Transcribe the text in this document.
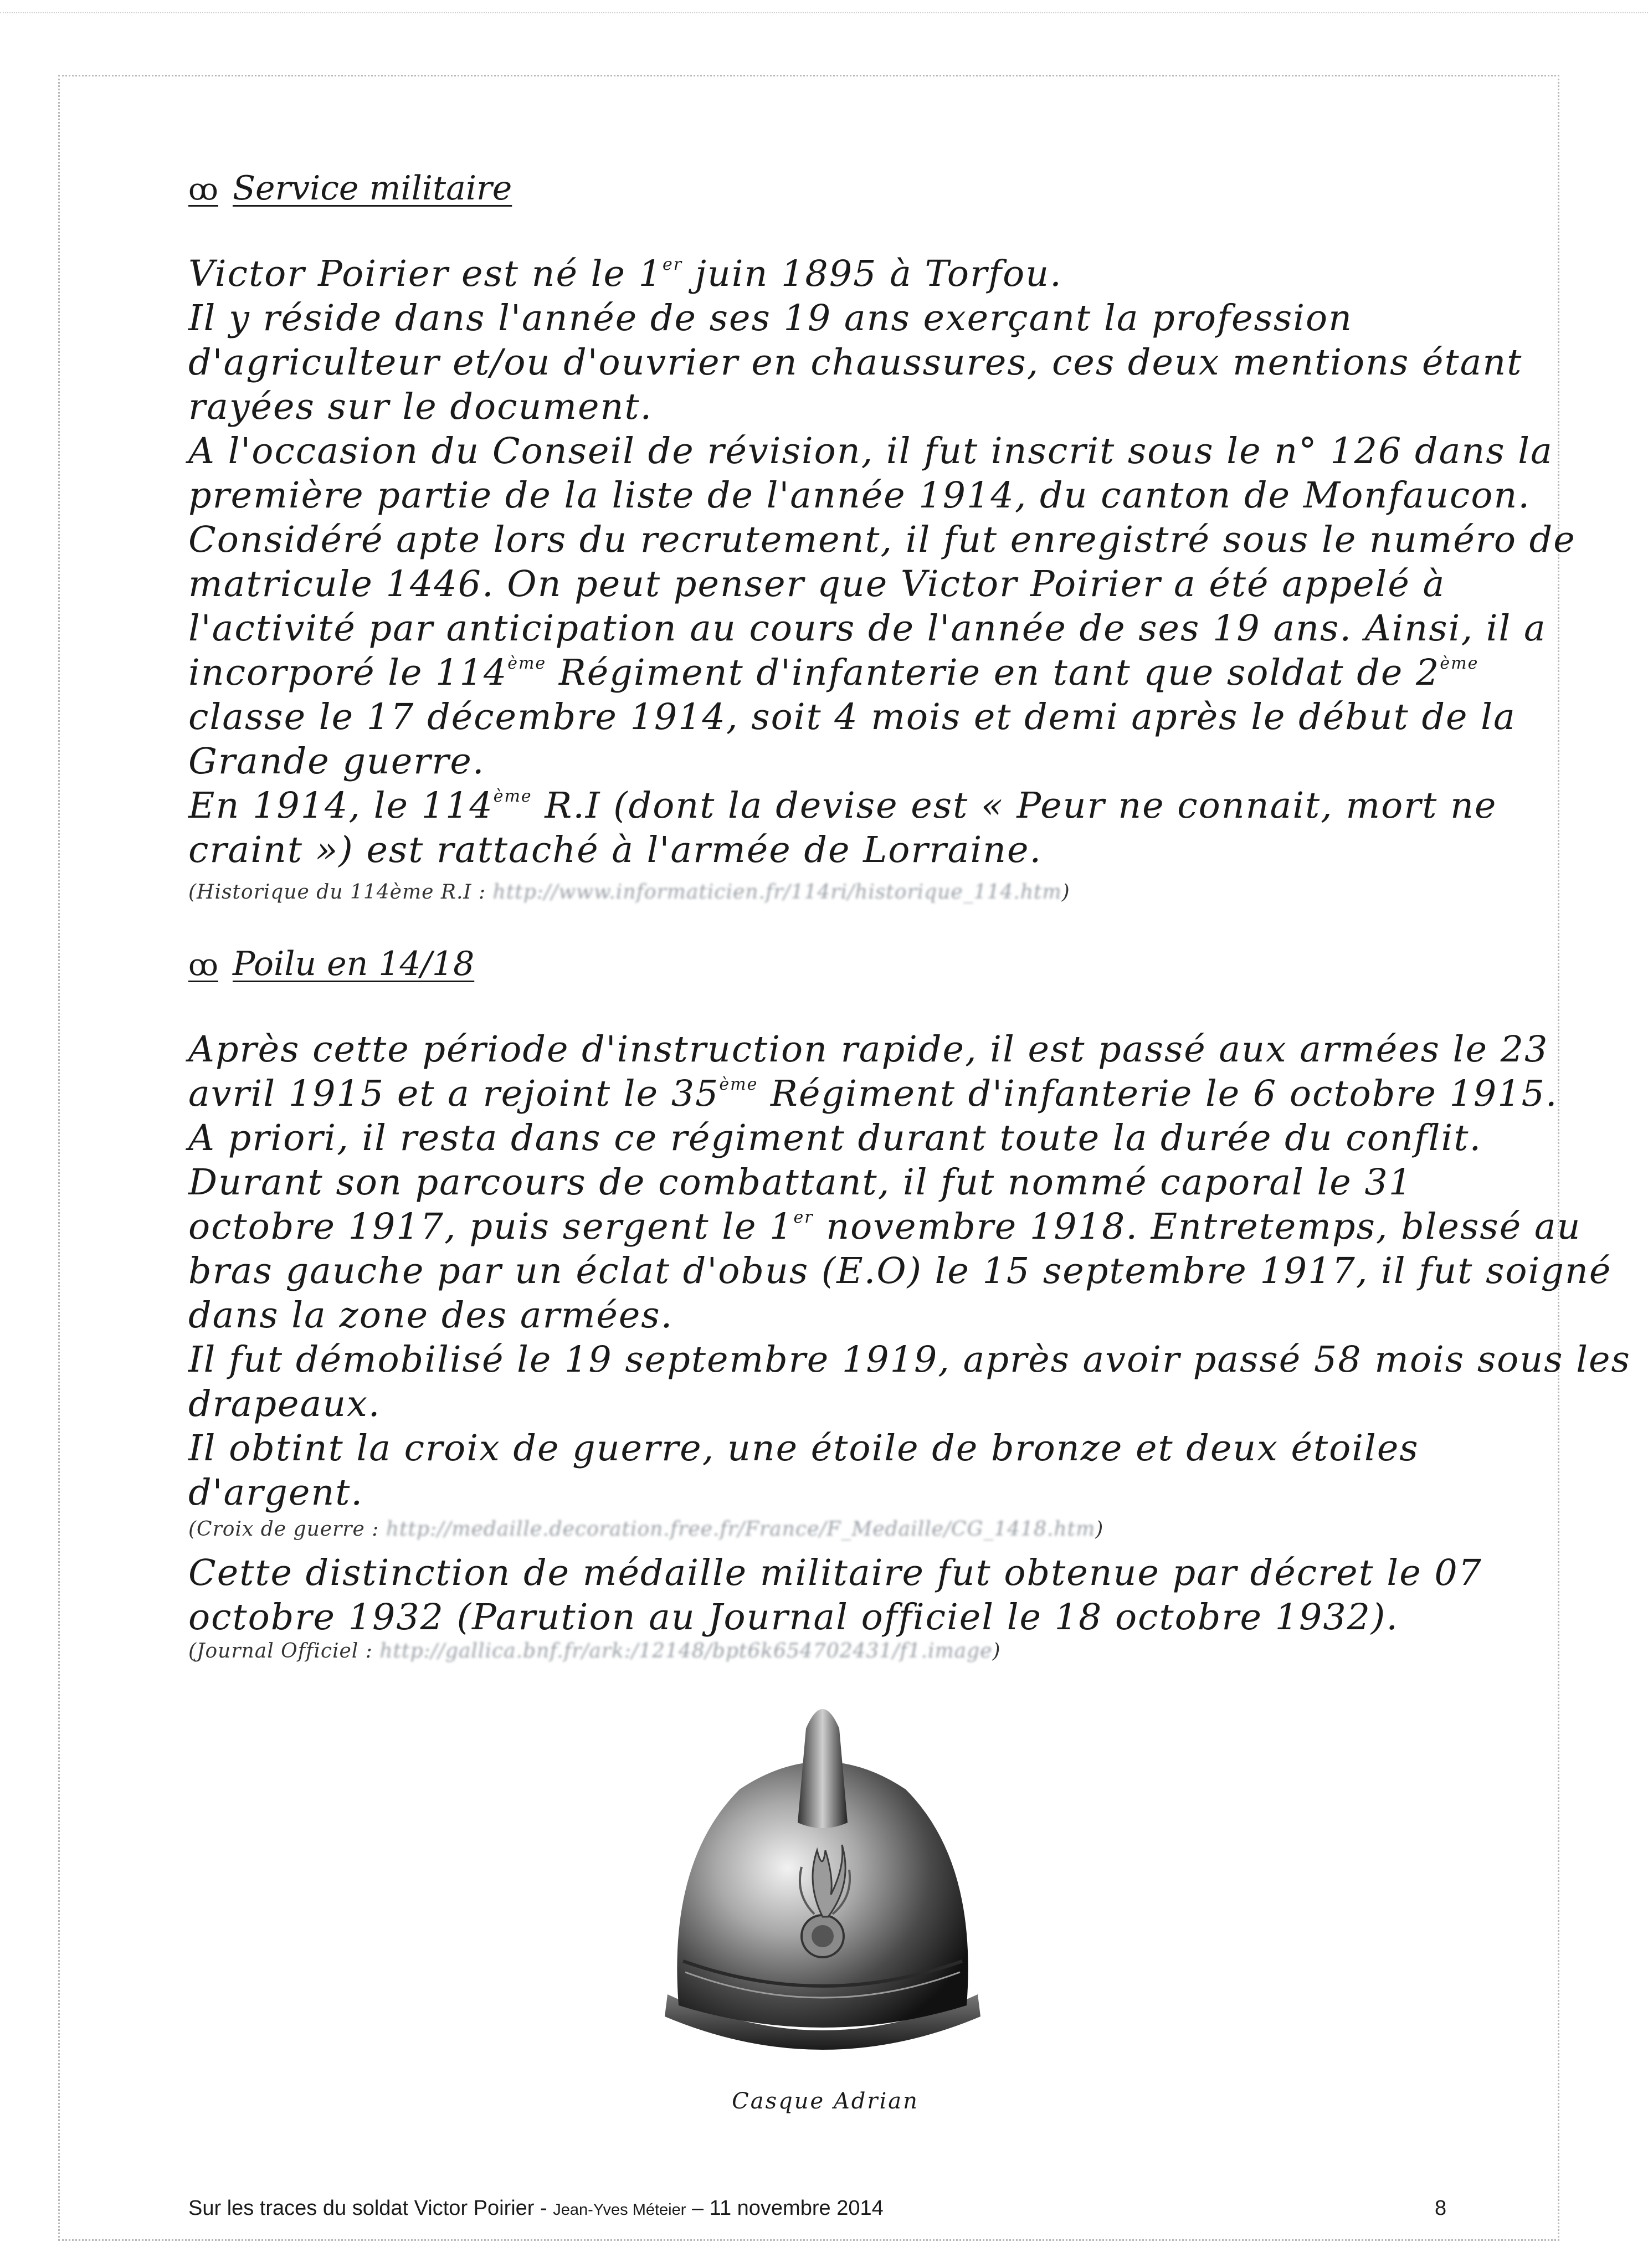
ꝏ Service militaire
Victor Poirier est né le 1er juin 1895 à Torfou.
Il y réside dans l'année de ses 19 ans exerçant la profession
d'agriculteur et/ou d'ouvrier en chaussures, ces deux mentions étant
rayées sur le document.
A l'occasion du Conseil de révision, il fut inscrit sous le n° 126 dans la
première partie de la liste de l'année 1914, du canton de Monfaucon.
Considéré apte lors du recrutement, il fut enregistré sous le numéro de
matricule 1446. On peut penser que Victor Poirier a été appelé à
l'activité par anticipation au cours de l'année de ses 19 ans. Ainsi, il a
incorporé le 114ème Régiment d'infanterie en tant que soldat de 2ème
classe le 17 décembre 1914, soit 4 mois et demi après le début de la
Grande guerre.
En 1914, le 114ème R.I (dont la devise est « Peur ne connait, mort ne
craint ») est rattaché à l'armée de Lorraine.
(Historique du 114ème R.I : http://www.informaticien.fr/114ri/historique_114.htm)
ꝏ Poilu en 14/18
Après cette période d'instruction rapide, il est passé aux armées le 23
avril 1915 et a rejoint le 35ème Régiment d'infanterie le 6 octobre 1915.
A priori, il resta dans ce régiment durant toute la durée du conflit.
Durant son parcours de combattant, il fut nommé caporal le 31
octobre 1917, puis sergent le 1er novembre 1918. Entretemps, blessé au
bras gauche par un éclat d'obus (E.O) le 15 septembre 1917, il fut soigné
dans la zone des armées.
Il fut démobilisé le 19 septembre 1919, après avoir passé 58 mois sous les
drapeaux.
Il obtint la croix de guerre, une étoile de bronze et deux étoiles
d'argent.
(Croix de guerre : http://medaille.decoration.free.fr/France/F_Medaille/CG_1418.htm)
Cette distinction de médaille militaire fut obtenue par décret le 07
octobre 1932 (Parution au Journal officiel le 18 octobre 1932).
(Journal Officiel : http://gallica.bnf.fr/ark:/12148/bpt6k654702431/f1.image)
Casque Adrian
Sur les traces du soldat Victor Poirier - Jean-Yves Méteier – 11 novembre 2014	8
